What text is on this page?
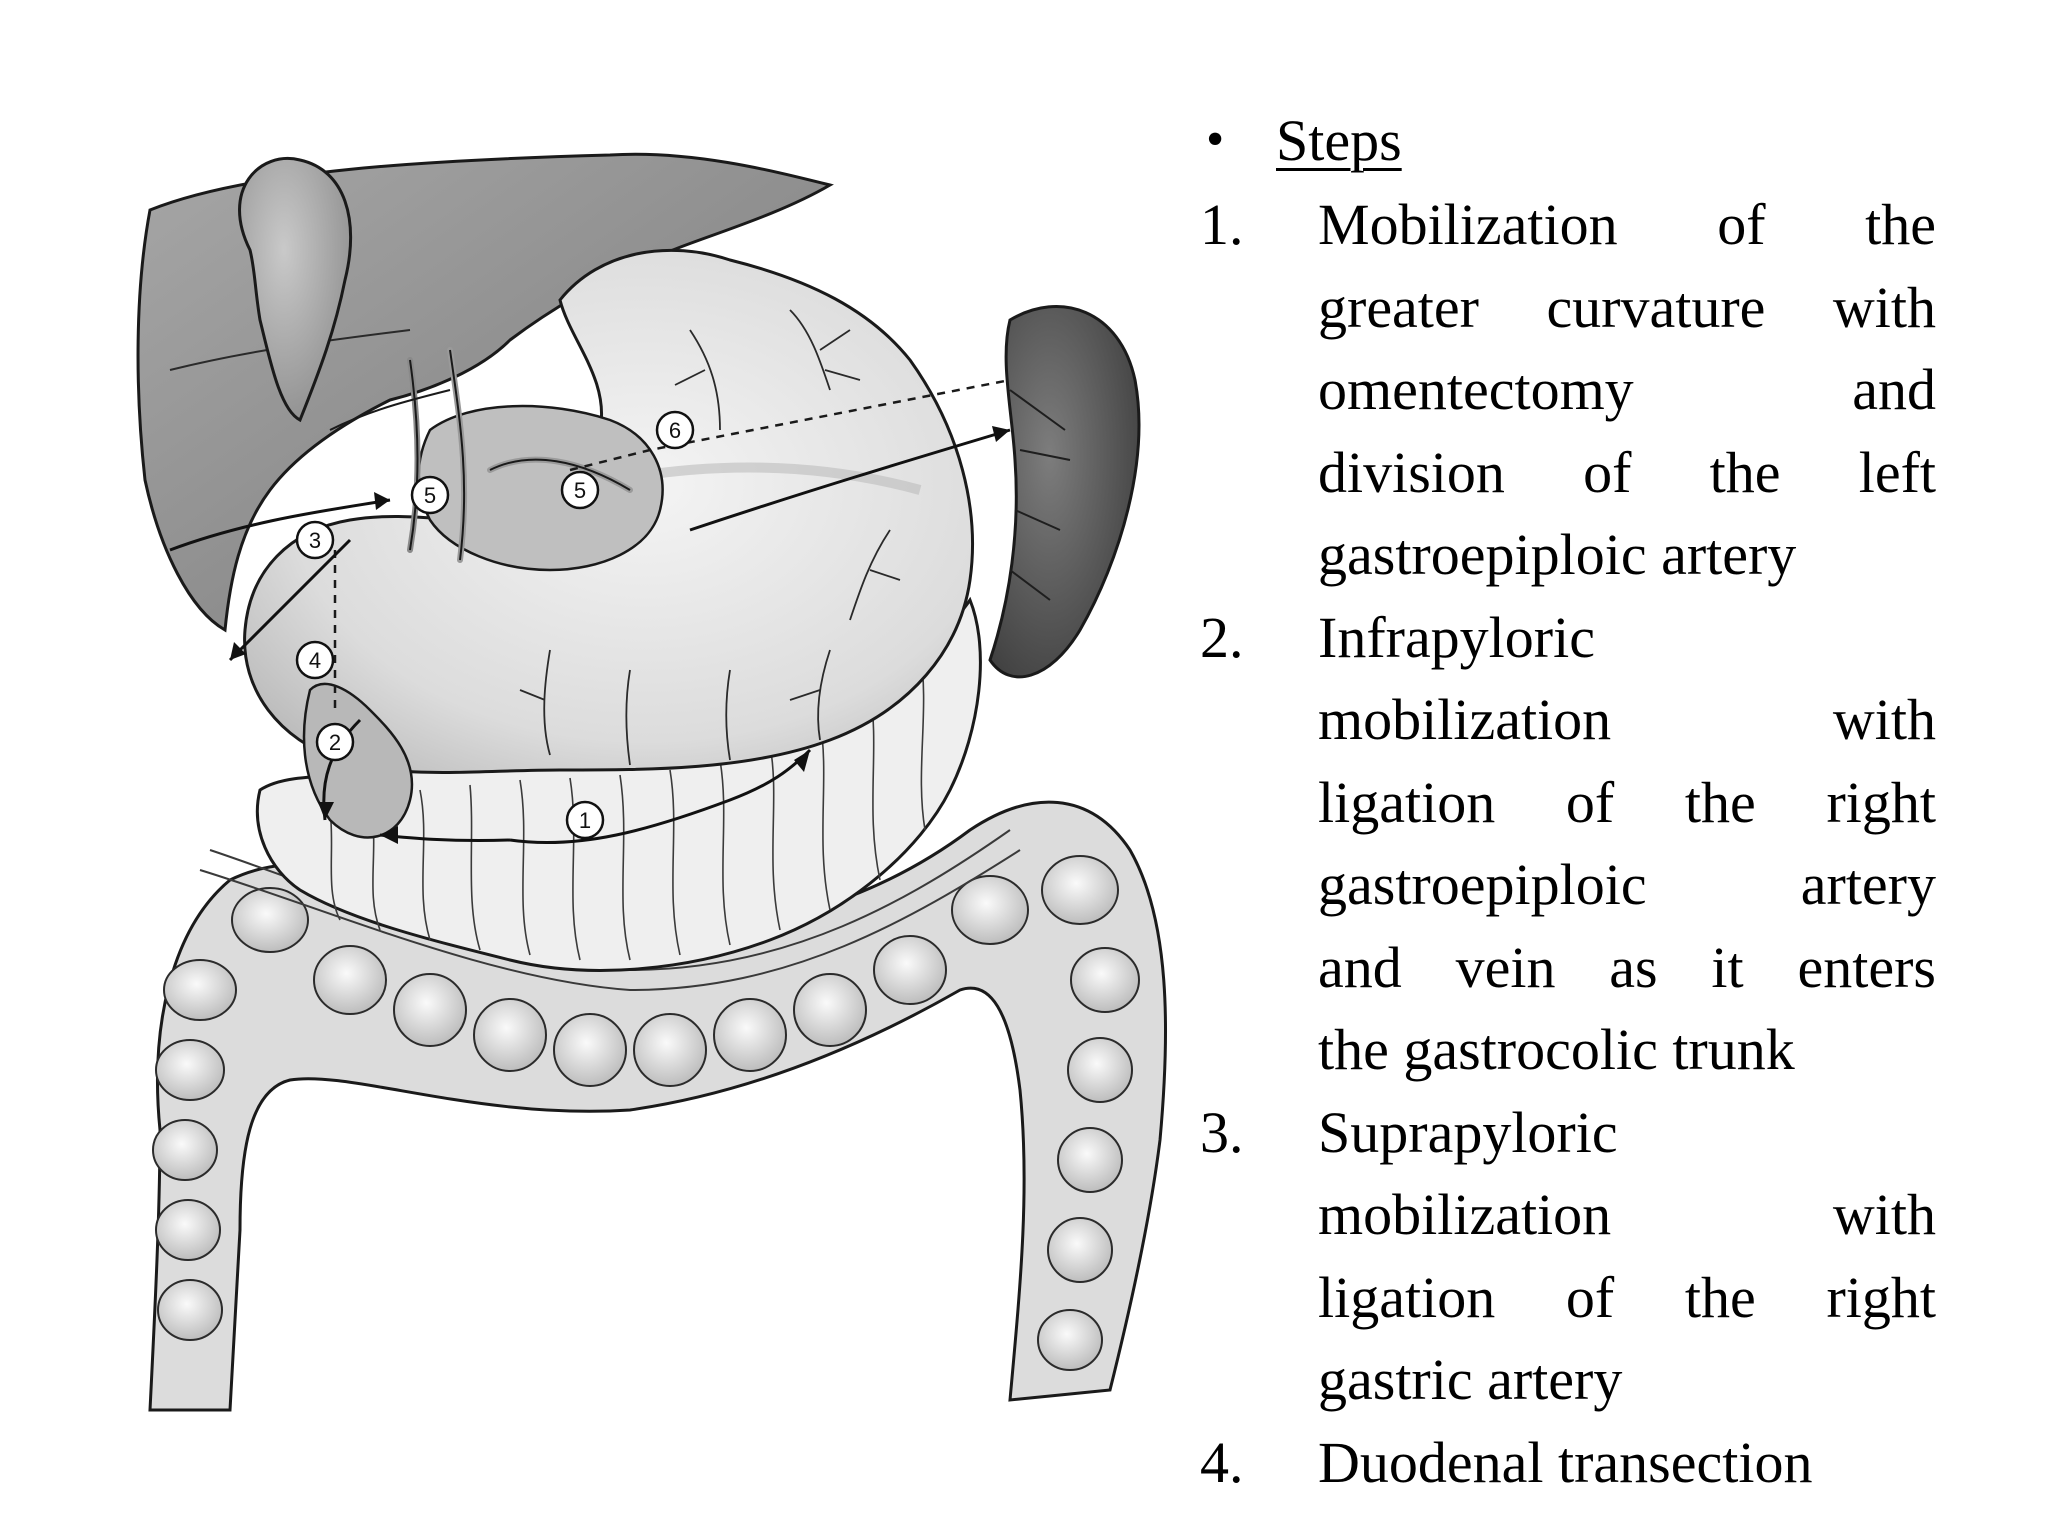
1
2
3
4
5	5
6
• Steps
1.	Mobilization of the
greater curvature with
omentectomy and
division of the left
gastroepiploic artery
2.	Infrapyloric
mobilization with
ligation of the right
gastroepiploic artery
and vein as it enters
the gastrocolic trunk
3.	Suprapyloric
mobilization with
ligation of the right
gastric artery
4.	Duodenal transection
